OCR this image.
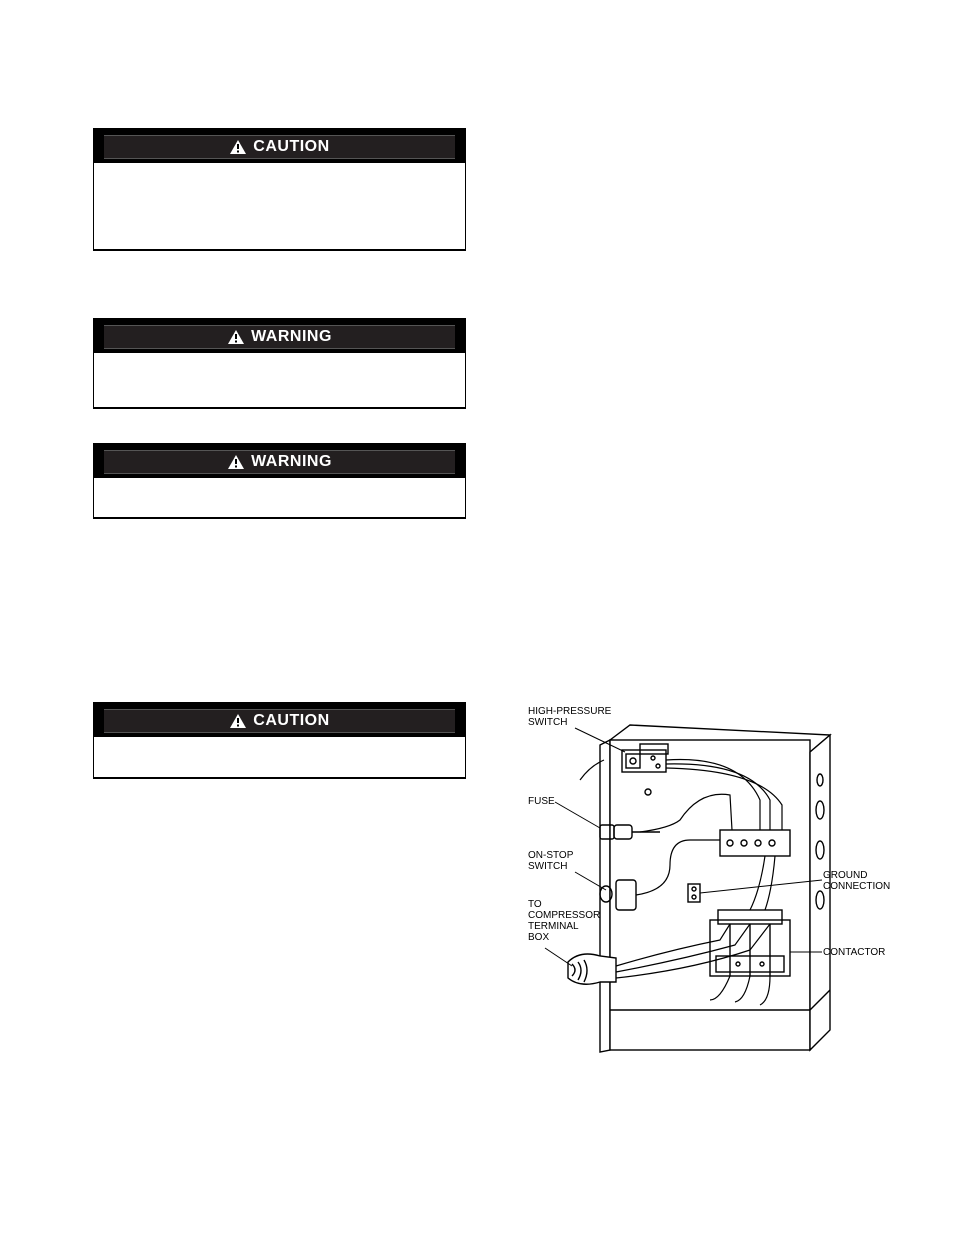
CAUTION
WARNING
WARNING
CAUTION
HIGH-PRESSURE
SWITCH
FUSE
ON-STOP
SWITCH
TO
COMPRESSOR
TERMINAL
BOX
GROUND
CONNECTION
CONTACTOR
